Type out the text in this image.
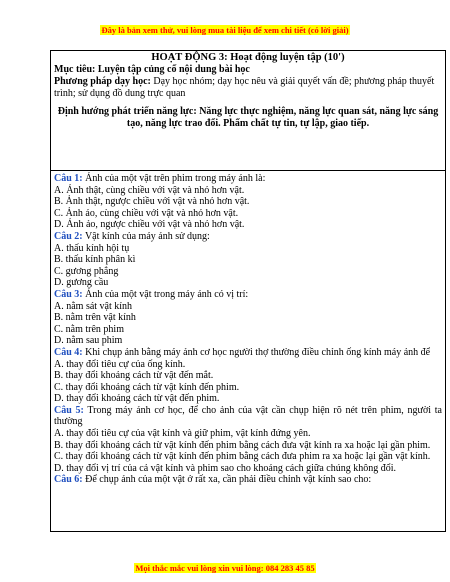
Đây là bản xem thử, vui lòng mua tài liệu để xem chi tiết (có lời giải)
HOẠT ĐỘNG 3: Hoạt động luyện tập (10')
Mục tiêu: Luyện tập củng cố nội dung bài học
Phương pháp dạy học: Dạy học nhóm; dạy học nêu và giải quyết vấn đề; phương pháp thuyết trình; sử dụng đồ dung trực quan
Định hướng phát triển năng lực: Năng lực thực nghiệm, năng lực quan sát, năng lực sáng tạo, năng lực trao đổi. Phẩm chất tự tin, tự lập, giao tiếp.
Câu 1: Ảnh của một vật trên phim trong máy ảnh là:
A. Ảnh thật, cùng chiều với vật và nhỏ hơn vật.
B. Ảnh thật, ngược chiều với vật và nhỏ hơn vật.
C. Ảnh ảo, cùng chiều với vật và nhỏ hơn vật.
D. Ảnh ảo, ngược chiều với vật và nhỏ hơn vật.
Câu 2: Vật kính của máy ảnh sử dụng:
A. thấu kính hội tụ
B. thấu kính phân kì
C. gương phẳng
D. gương cầu
Câu 3: Ảnh của một vật trong máy ảnh có vị trí:
A. nằm sát vật kính
B. nằm trên vật kính
C. nằm trên phim
D. nằm sau phim
Câu 4: Khi chụp ảnh bằng máy ảnh cơ học người thợ thường điều chỉnh ống kính máy ảnh để
A. thay đổi tiêu cự của ống kính.
B. thay đổi khoảng cách từ vật đến mắt.
C. thay đổi khoảng cách từ vật kính đến phim.
D. thay đổi khoảng cách từ vật đến phim.
Câu 5: Trong máy ảnh cơ học, để cho ảnh của vật cần chụp hiện rõ nét trên phim, người ta thường
A. thay đổi tiêu cự của vật kính và giữ phim, vật kính đứng yên.
B. thay đổi khoảng cách từ vật kính đến phim bằng cách đưa vật kính ra xa hoặc lại gần phim.
C. thay đổi khoảng cách từ vật kính đến phim bằng cách đưa phim ra xa hoặc lại gần vật kính.
D. thay đổi vị trí của cả vật kính và phim sao cho khoảng cách giữa chúng không đổi.
Câu 6: Để chụp ảnh của một vật ở rất xa, cần phải điều chỉnh vật kính sao cho:
Mọi thắc mắc vui lòng xin vui lòng: 084 283 45 85
